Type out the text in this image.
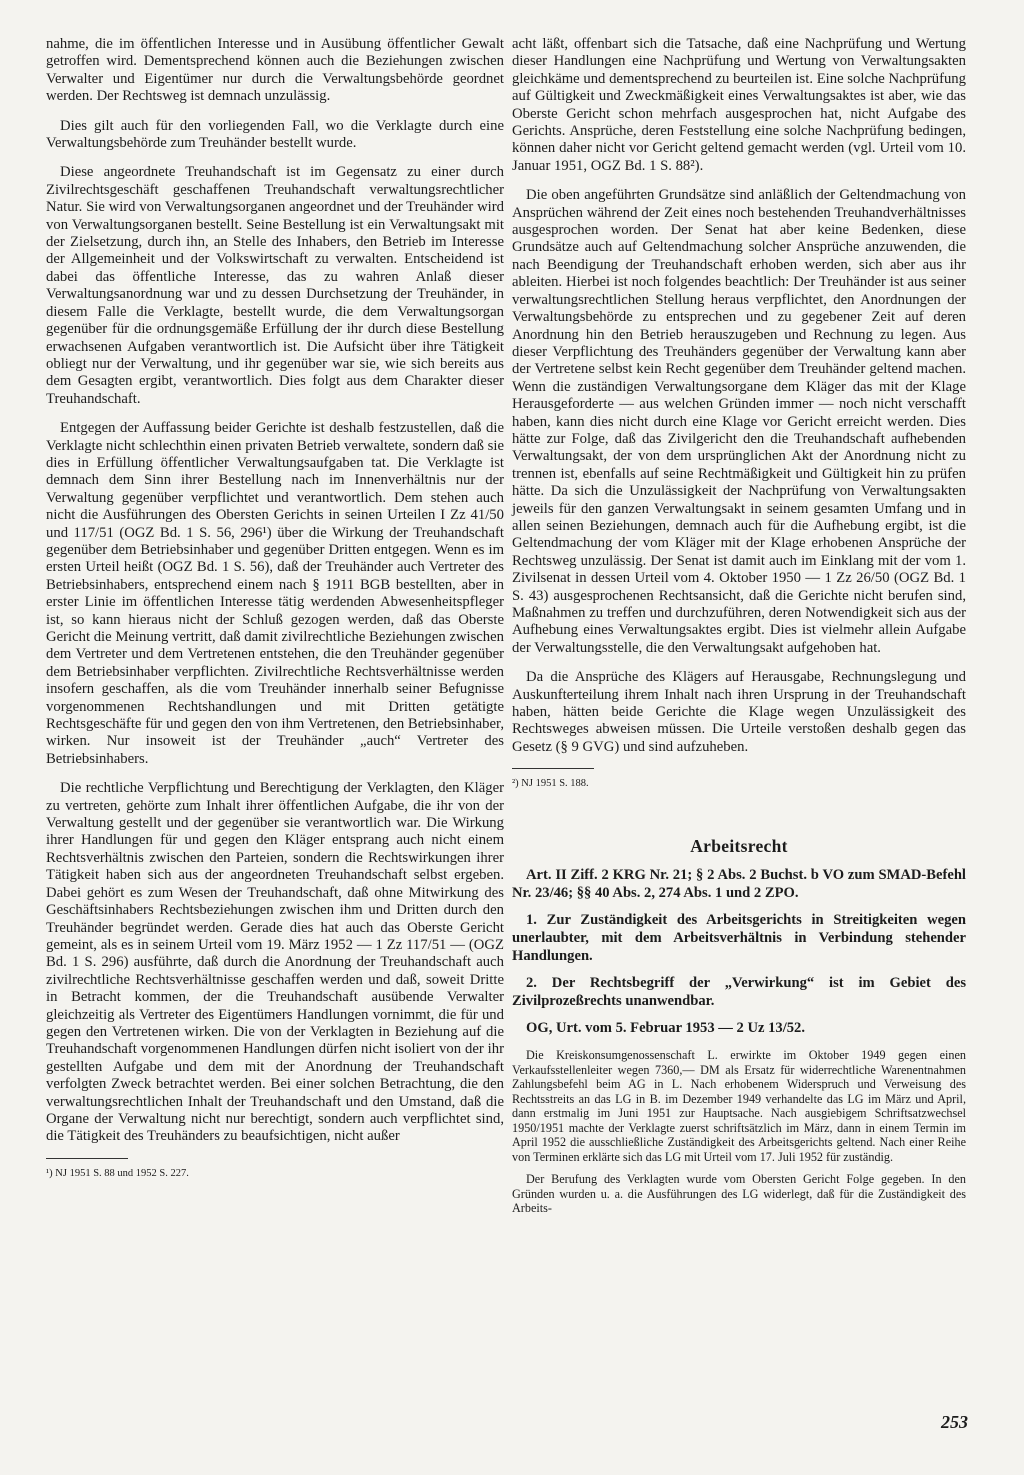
nahme, die im öffentlichen Interesse und in Ausübung öffentlicher Gewalt getroffen wird. Dementsprechend können auch die Beziehungen zwischen Verwalter und Eigentümer nur durch die Verwaltungsbehörde geordnet werden. Der Rechtsweg ist demnach unzulässig.

Dies gilt auch für den vorliegenden Fall, wo die Verklagte durch eine Verwaltungsbehörde zum Treuhänder bestellt wurde.

Diese angeordnete Treuhandschaft ist im Gegensatz zu einer durch Zivilrechtsgeschäft geschaffenen Treuhandschaft verwaltungsrechtlicher Natur. Sie wird von Verwaltungsorganen angeordnet und der Treuhänder wird von Verwaltungsorganen bestellt. Seine Bestellung ist ein Verwaltungsakt mit der Zielsetzung, durch ihn, an Stelle des Inhabers, den Betrieb im Interesse der Allgemeinheit und der Volkswirtschaft zu verwalten. Entscheidend ist dabei das öffentliche Interesse, das zu wahren Anlaß dieser Verwaltungsanordnung war und zu dessen Durchsetzung der Treuhänder, in diesem Falle die Verklagte, bestellt wurde, die dem Verwaltungsorgan gegenüber für die ordnungsgemäße Erfüllung der ihr durch diese Bestellung erwachsenen Aufgaben verantwortlich ist. Die Aufsicht über ihre Tätigkeit obliegt nur der Verwaltung, und ihr gegenüber war sie, wie sich bereits aus dem Gesagten ergibt, verantwortlich. Dies folgt aus dem Charakter dieser Treuhandschaft.

Entgegen der Auffassung beider Gerichte ist deshalb festzustellen, daß die Verklagte nicht schlechthin einen privaten Betrieb verwaltete, sondern daß sie dies in Erfüllung öffentlicher Verwaltungsaufgaben tat. Die Verklagte ist demnach dem Sinn ihrer Bestellung nach im Innenverhältnis nur der Verwaltung gegenüber verpflichtet und verantwortlich. Dem stehen auch nicht die Ausführungen des Obersten Gerichts in seinen Urteilen I Zz 41/50 und 117/51 (OGZ Bd. 1 S. 56, 296¹) über die Wirkung der Treuhandschaft gegenüber dem Betriebsinhaber und gegenüber Dritten entgegen. Wenn es im ersten Urteil heißt (OGZ Bd. 1 S. 56), daß der Treuhänder auch Vertreter des Betriebsinhabers, entsprechend einem nach § 1911 BGB bestellten, aber in erster Linie im öffentlichen Interesse tätig werdenden Abwesenheitspfleger ist, so kann hieraus nicht der Schluß gezogen werden, daß das Oberste Gericht die Meinung vertritt, daß damit zivilrechtliche Beziehungen zwischen dem Vertreter und dem Vertretenen entstehen, die den Treuhänder gegenüber dem Betriebsinhaber verpflichten. Zivilrechtliche Rechtsverhältnisse werden insofern geschaffen, als die vom Treuhänder innerhalb seiner Befugnisse vorgenommenen Rechtshandlungen und mit Dritten getätigte Rechtsgeschäfte für und gegen den von ihm Vertretenen, den Betriebsinhaber, wirken. Nur insoweit ist der Treuhänder „auch“ Vertreter des Betriebsinhabers.

Die rechtliche Verpflichtung und Berechtigung der Verklagten, den Kläger zu vertreten, gehörte zum Inhalt ihrer öffentlichen Aufgabe, die ihr von der Verwaltung gestellt und der gegenüber sie verantwortlich war. Die Wirkung ihrer Handlungen für und gegen den Kläger entsprang auch nicht einem Rechtsverhältnis zwischen den Parteien, sondern die Rechtswirkungen ihrer Tätigkeit haben sich aus der angeordneten Treuhandschaft selbst ergeben. Dabei gehört es zum Wesen der Treuhandschaft, daß ohne Mitwirkung des Geschäftsinhabers Rechtsbeziehungen zwischen ihm und Dritten durch den Treuhänder begründet werden. Gerade dies hat auch das Oberste Gericht gemeint, als es in seinem Urteil vom 19. März 1952 — 1 Zz 117/51 — (OGZ Bd. 1 S. 296) ausführte, daß durch die Anordnung der Treuhandschaft auch zivilrechtliche Rechtsverhältnisse geschaffen werden und daß, soweit Dritte in Betracht kommen, der die Treuhandschaft ausübende Verwalter gleichzeitig als Vertreter des Eigentümers Handlungen vornimmt, die für und gegen den Vertretenen wirken. Die von der Verklagten in Beziehung auf die Treuhandschaft vorgenommenen Handlungen dürfen nicht isoliert von der ihr gestellten Aufgabe und dem mit der Anordnung der Treuhandschaft verfolgten Zweck betrachtet werden. Bei einer solchen Betrachtung, die den verwaltungsrechtlichen Inhalt der Treuhandschaft und den Umstand, daß die Organe der Verwaltung nicht nur berechtigt, sondern auch verpflichtet sind, die Tätigkeit des Treuhänders zu beaufsichtigen, nicht außer

¹) NJ 1951 S. 88 und 1952 S. 227.

acht läßt, offenbart sich die Tatsache, daß eine Nachprüfung und Wertung dieser Handlungen eine Nachprüfung und Wertung von Verwaltungsakten gleichkäme und dementsprechend zu beurteilen ist. Eine solche Nachprüfung auf Gültigkeit und Zweckmäßigkeit eines Verwaltungsaktes ist aber, wie das Oberste Gericht schon mehrfach ausgesprochen hat, nicht Aufgabe des Gerichts. Ansprüche, deren Feststellung eine solche Nachprüfung bedingen, können daher nicht vor Gericht geltend gemacht werden (vgl. Urteil vom 10. Januar 1951, OGZ Bd. 1 S. 88²).

Die oben angeführten Grundsätze sind anläßlich der Geltendmachung von Ansprüchen während der Zeit eines noch bestehenden Treuhandverhältnisses ausgesprochen worden. Der Senat hat aber keine Bedenken, diese Grundsätze auch auf Geltendmachung solcher Ansprüche anzuwenden, die nach Beendigung der Treuhandschaft erhoben werden, sich aber aus ihr ableiten. Hierbei ist noch folgendes beachtlich: Der Treuhänder ist aus seiner verwaltungsrechtlichen Stellung heraus verpflichtet, den Anordnungen der Verwaltungsbehörde zu entsprechen und zu gegebener Zeit auf deren Anordnung hin den Betrieb herauszugeben und Rechnung zu legen. Aus dieser Verpflichtung des Treuhänders gegenüber der Verwaltung kann aber der Vertretene selbst kein Recht gegenüber dem Treuhänder geltend machen. Wenn die zuständigen Verwaltungsorgane dem Kläger das mit der Klage Herausgeforderte — aus welchen Gründen immer — noch nicht verschafft haben, kann dies nicht durch eine Klage vor Gericht erreicht werden. Dies hätte zur Folge, daß das Zivilgericht den die Treuhandschaft aufhebenden Verwaltungsakt, der von dem ursprünglichen Akt der Anordnung nicht zu trennen ist, ebenfalls auf seine Rechtmäßigkeit und Gültigkeit hin zu prüfen hätte. Da sich die Unzulässigkeit der Nachprüfung von Verwaltungsakten jeweils für den ganzen Verwaltungsakt in seinem gesamten Umfang und in allen seinen Beziehungen, demnach auch für die Aufhebung ergibt, ist die Geltendmachung der vom Kläger mit der Klage erhobenen Ansprüche der Rechtsweg unzulässig. Der Senat ist damit auch im Einklang mit der vom 1. Zivilsenat in dessen Urteil vom 4. Oktober 1950 — 1 Zz 26/50 (OGZ Bd. 1 S. 43) ausgesprochenen Rechtsansicht, daß die Gerichte nicht berufen sind, Maßnahmen zu treffen und durchzuführen, deren Notwendigkeit sich aus der Aufhebung eines Verwaltungsaktes ergibt. Dies ist vielmehr allein Aufgabe der Verwaltungsstelle, die den Verwaltungsakt aufgehoben hat.

Da die Ansprüche des Klägers auf Herausgabe, Rechnungslegung und Auskunfterteilung ihrem Inhalt nach ihren Ursprung in der Treuhandschaft haben, hätten beide Gerichte die Klage wegen Unzulässigkeit des Rechtsweges abweisen müssen. Die Urteile verstoßen deshalb gegen das Gesetz (§ 9 GVG) und sind aufzuheben.

²) NJ 1951 S. 188.

Arbeitsrecht

Art. II Ziff. 2 KRG Nr. 21; § 2 Abs. 2 Buchst. b VO zum SMAD-Befehl Nr. 23/46; §§ 40 Abs. 2, 274 Abs. 1 und 2 ZPO.

1. Zur Zuständigkeit des Arbeitsgerichts in Streitigkeiten wegen unerlaubter, mit dem Arbeitsverhältnis in Verbindung stehender Handlungen.

2. Der Rechtsbegriff der „Verwirkung“ ist im Gebiet des Zivilprozeßrechts unanwendbar.

OG, Urt. vom 5. Februar 1953 — 2 Uz 13/52.

Die Kreiskonsumgenossenschaft L. erwirkte im Oktober 1949 gegen einen Verkaufsstellenleiter wegen 7360,— DM als Ersatz für widerrechtliche Warenentnahmen Zahlungsbefehl beim AG in L. Nach erhobenem Widerspruch und Verweisung des Rechtsstreits an das LG in B. im Dezember 1949 verhandelte das LG im März und April, dann erstmalig im Juni 1951 zur Hauptsache. Nach ausgiebigem Schriftsatzwechsel 1950/1951 machte der Verklagte zuerst schriftsätzlich im März, dann in einem Termin im April 1952 die ausschließliche Zuständigkeit des Arbeitsgerichts geltend. Nach einer Reihe von Terminen erklärte sich das LG mit Urteil vom 17. Juli 1952 für zuständig.

Der Berufung des Verklagten wurde vom Obersten Gericht Folge gegeben. In den Gründen wurden u. a. die Ausführungen des LG widerlegt, daß für die Zuständigkeit des Arbeits-

253
